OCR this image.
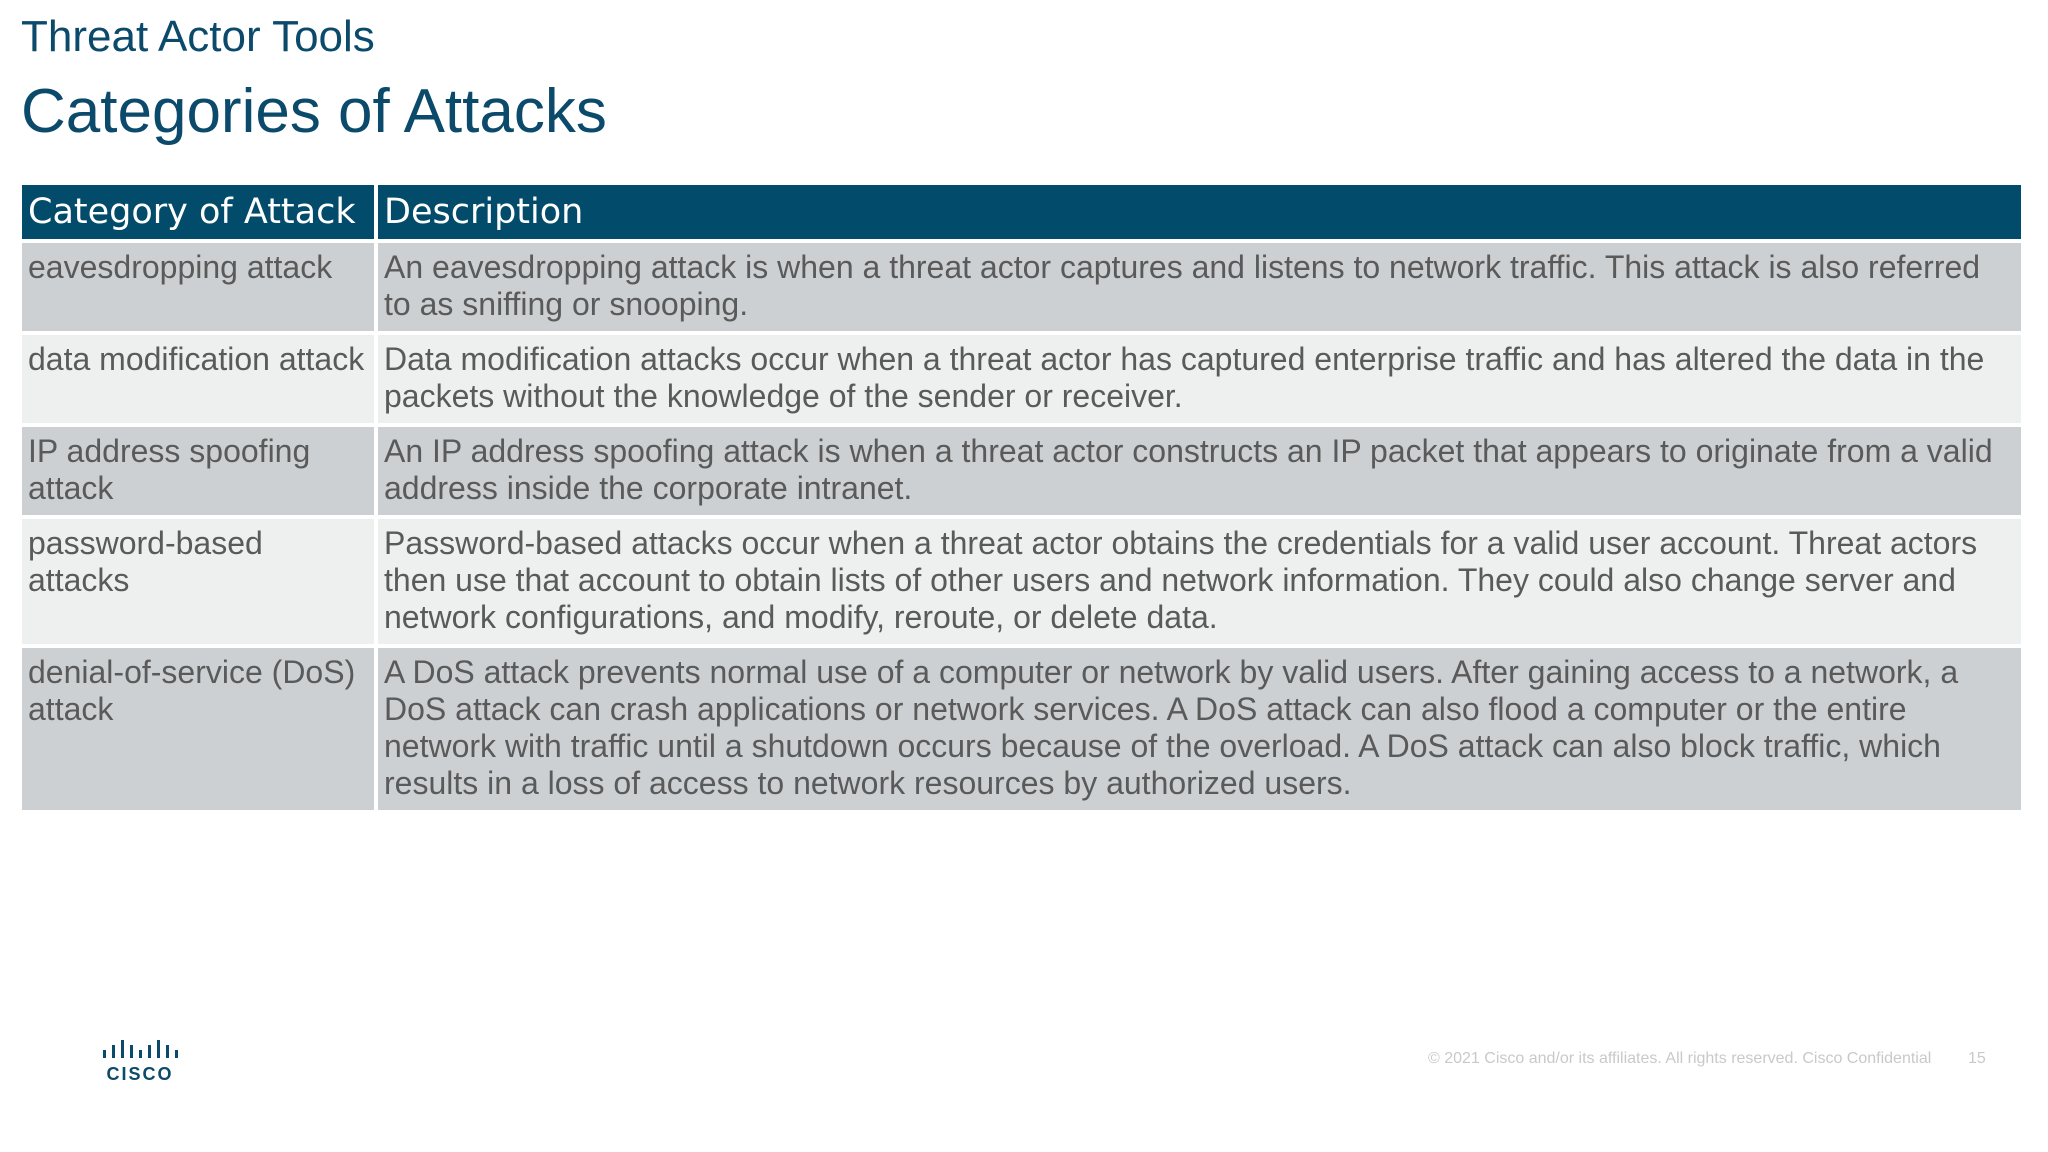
Threat Actor Tools
Categories of Attacks
Category of Attack	Description
eavesdropping attack	An eavesdropping attack is when a threat actor captures and listens to network traffic. This attack is also referred to as sniffing or snooping.
data modification attack	Data modification attacks occur when a threat actor has captured enterprise traffic and has altered the data in the packets without the knowledge of the sender or receiver.
IP address spoofing attack	An IP address spoofing attack is when a threat actor constructs an IP packet that appears to originate from a valid address inside the corporate intranet.
password-based attacks	Password-based attacks occur when a threat actor obtains the credentials for a valid user account. Threat actors then use that account to obtain lists of other users and network information. They could also change server and network configurations, and modify, reroute, or delete data.
denial-of-service (DoS) attack	A DoS attack prevents normal use of a computer or network by valid users. After gaining access to a network, a DoS attack can crash applications or network services. A DoS attack can also flood a computer or the entire network with traffic until a shutdown occurs because of the overload. A DoS attack can also block traffic, which results in a loss of access to network resources by authorized users.
CISCO
© 2021 Cisco and/or its affiliates. All rights reserved. Cisco Confidential 15
